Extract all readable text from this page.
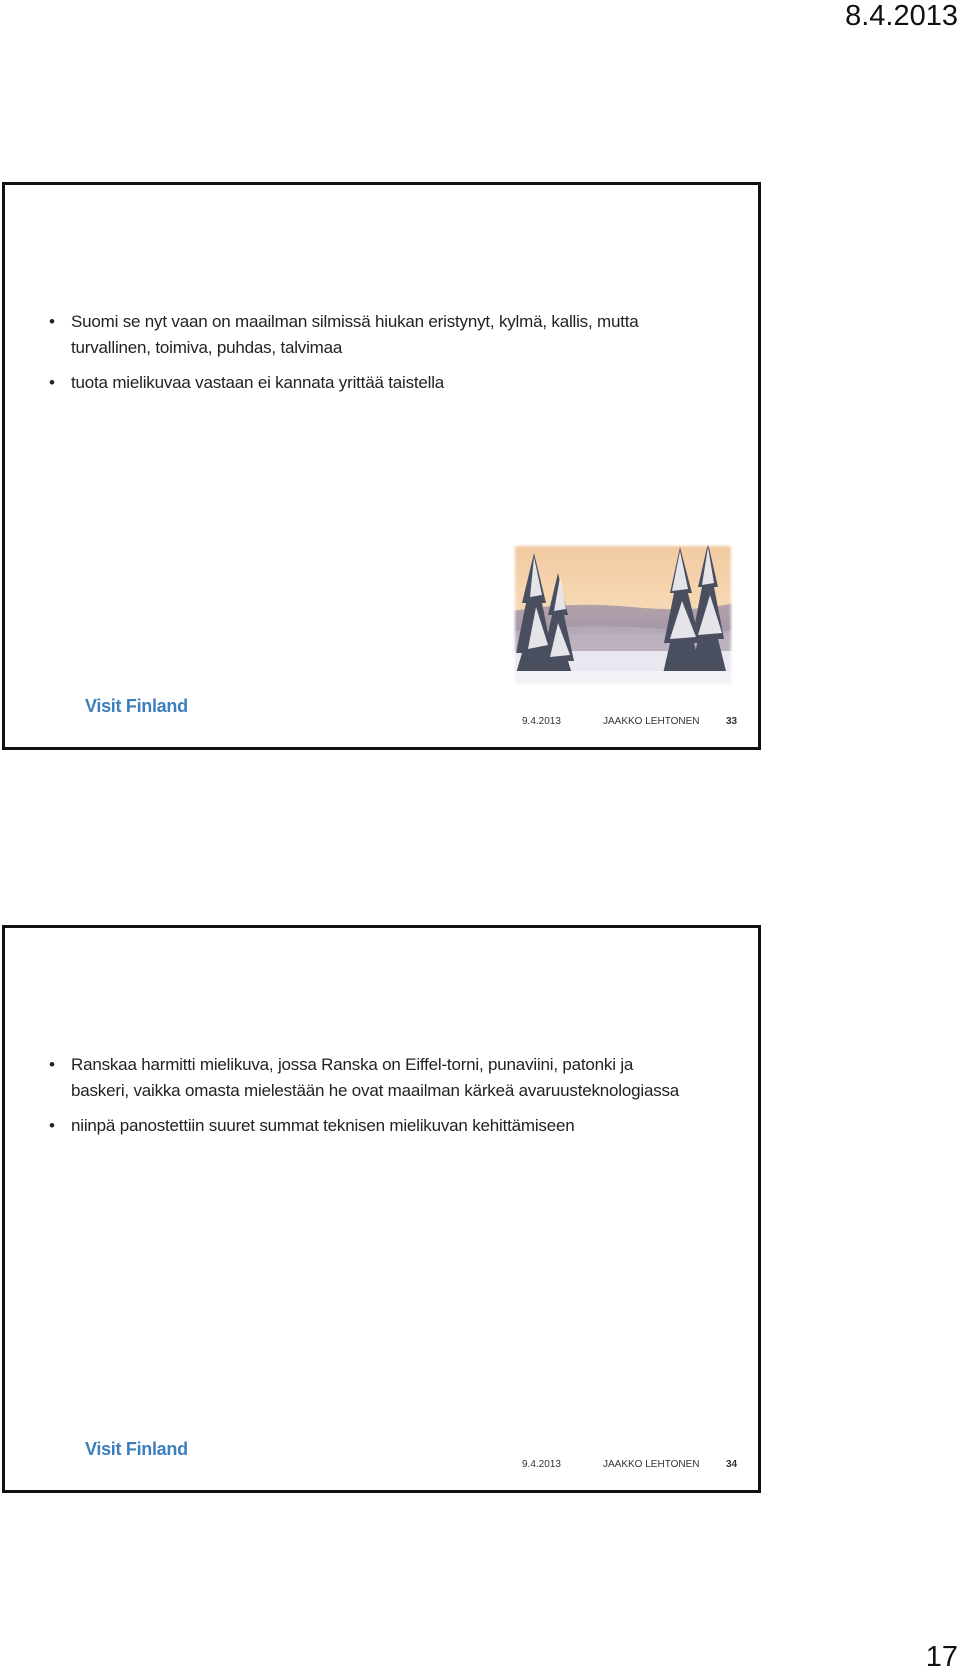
8.4.2013
• Suomi se nyt vaan on maailman silmissä hiukan eristynyt, kylmä, kallis, mutta turvallinen, toimiva, puhdas, talvimaa
• tuota mielikuvaa vastaan ei kannata yrittää taistella
Visit Finland
9.4.2013	JAAKKO LEHTONEN	33
• Ranskaa harmitti mielikuva, jossa Ranska on Eiffel-torni, punaviini, patonki ja baskeri, vaikka omasta mielestään he ovat maailman kärkeä avaruusteknologiassa
• niinpä panostettiin suuret summat teknisen mielikuvan kehittämiseen
Visit Finland
9.4.2013	JAAKKO LEHTONEN	34
17
